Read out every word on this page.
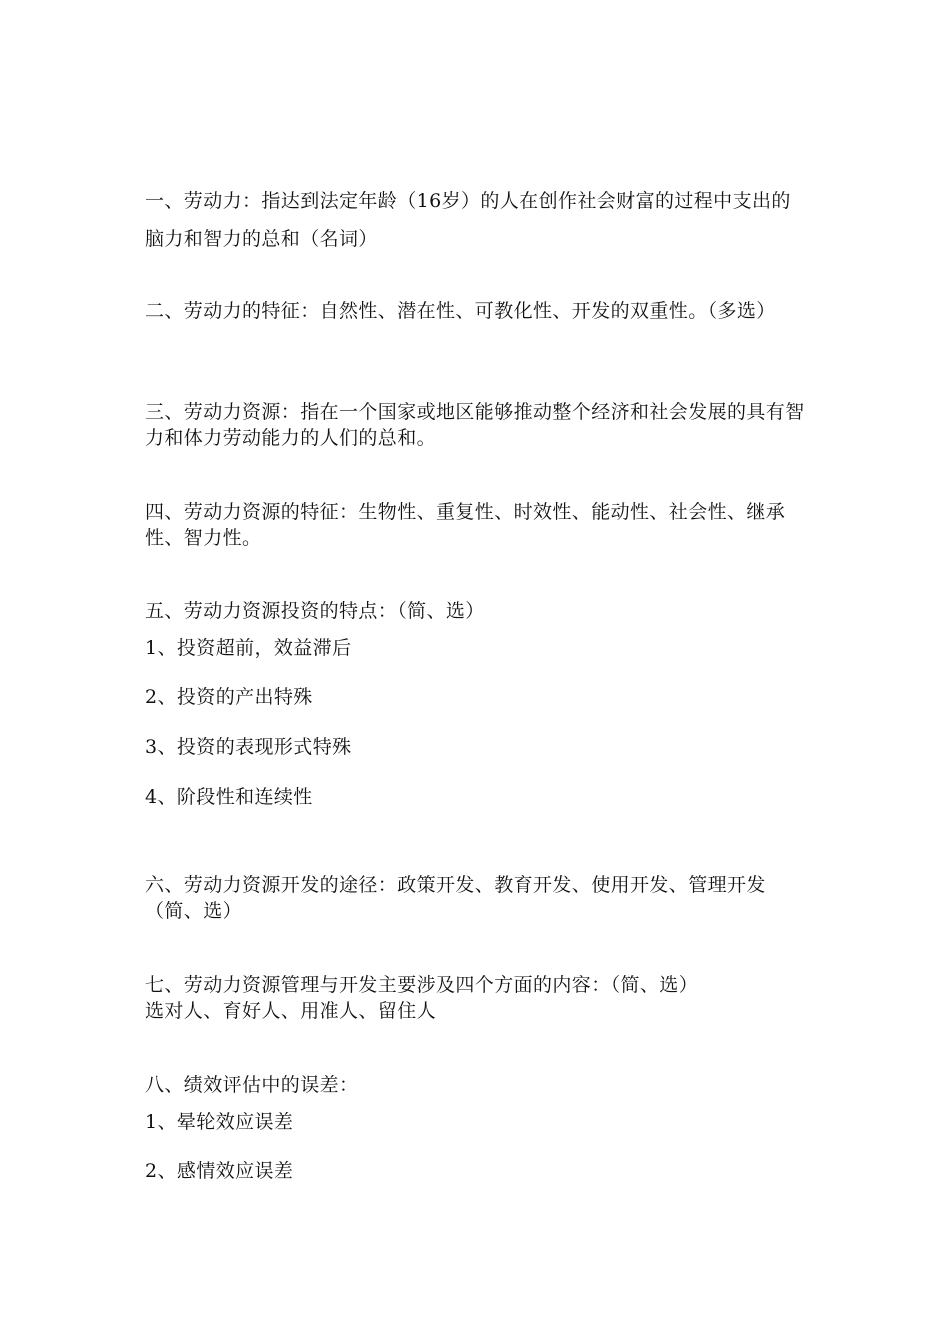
一、劳动力：指达到法定年龄（16岁）的人在创作社会财富的过程中支出的脑力和智力的总和（名词）

二、劳动力的特征：自然性、潜在性、可教化性、开发的双重性。（多选）

三、劳动力资源：指在一个国家或地区能够推动整个经济和社会发展的具有智力和体力劳动能力的人们的总和。

四、劳动力资源的特征：生物性、重复性、时效性、能动性、社会性、继承性、智力性。

五、劳动力资源投资的特点：（简、选）

1、投资超前，效益滞后

2、投资的产出特殊

3、投资的表现形式特殊

4、阶段性和连续性

六、劳动力资源开发的途径：政策开发、教育开发、使用开发、管理开发（简、选）

七、劳动力资源管理与开发主要涉及四个方面的内容：（简、选）

选对人、育好人、用准人、留住人

八、绩效评估中的误差：

1、晕轮效应误差

2、感情效应误差
